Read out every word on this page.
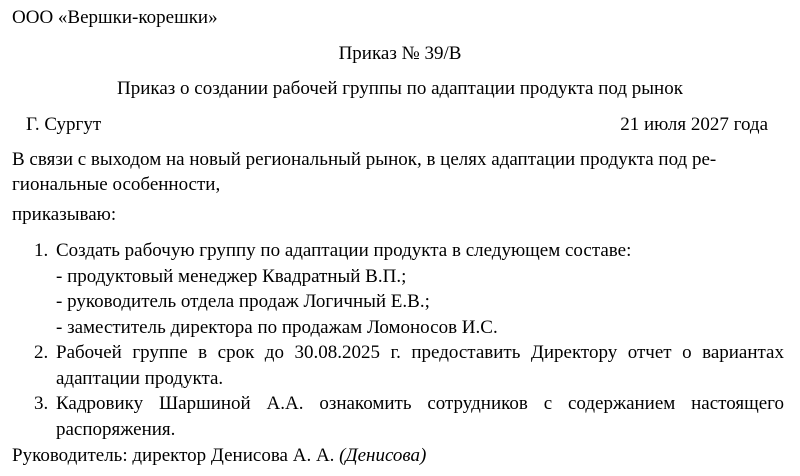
ООО «Вершки-корешки»
Приказ № 39/В
Приказ о создании рабочей группы по адаптации продукта под рынок
Г. Сургут	21 июля 2027 года
В связи с выходом на новый региональный рынок, в целях адаптации продукта под ре-
гиональные особенности,
приказываю:
1. Создать рабочую группу по адаптации продукта в следующем составе:
- продуктовый менеджер Квадратный В.П.;
- руководитель отдела продаж Логичный Е.В.;
- заместитель директора по продажам Ломоносов И.С.
2. Рабочей группе в срок до 30.08.2025 г. предоставить Директору отчет о вариантах
адаптации продукта.
3. Кадровику Шаршиной А.А. ознакомить сотрудников с содержанием настоящего
распоряжения.
Руководитель: директор Денисова А. А. (Денисова)
